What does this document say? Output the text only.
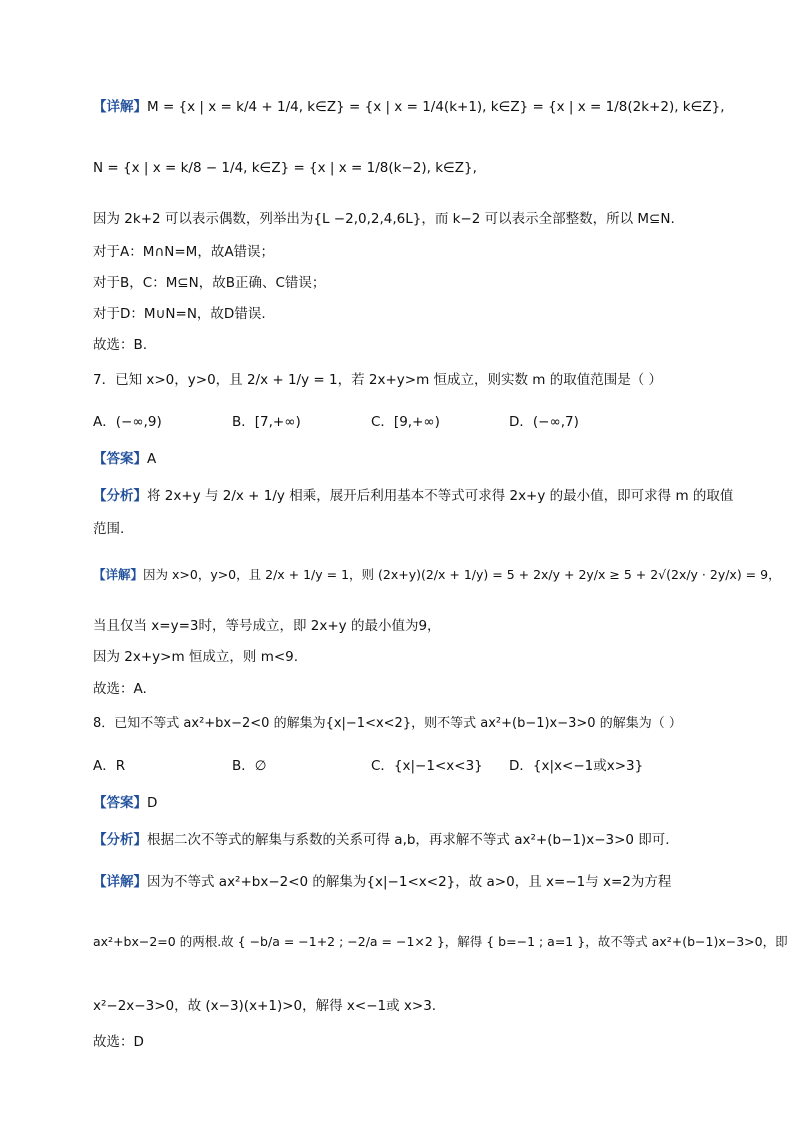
【详解】M = {x | x = k/4 + 1/4, k∈Z} = {x | x = 1/4(k+1), k∈Z} = {x | x = 1/8(2k+2), k∈Z},
N = {x | x = k/8 − 1/4, k∈Z} = {x | x = 1/8(k−2), k∈Z},
因为 2k+2 可以表示偶数，列举出为{L −2,0,2,4,6L}，而 k−2 可以表示全部整数，所以 M⊆N.
对于A：M∩N=M，故A错误；
对于B，C：M⊆N，故B正确、C错误；
对于D：M∪N=N，故D错误.
故选：B.
7．已知 x>0，y>0，且 2/x + 1/y = 1，若 2x+y>m 恒成立，则实数 m 的取值范围是（ ）
A．(−∞,9)	B．[7,+∞)	C．[9,+∞)	D．(−∞,7)
【答案】A
【分析】将 2x+y 与 2/x + 1/y 相乘，展开后利用基本不等式可求得 2x+y 的最小值，即可求得 m 的取值
范围.
【详解】因为 x>0，y>0，且 2/x + 1/y = 1，则 (2x+y)(2/x + 1/y) = 5 + 2x/y + 2y/x ≥ 5 + 2√(2x/y · 2y/x) = 9，
当且仅当 x=y=3时，等号成立，即 2x+y 的最小值为9，
因为 2x+y>m 恒成立，则 m<9.
故选：A.
8．已知不等式 ax²+bx−2<0 的解集为{x|−1<x<2}，则不等式 ax²+(b−1)x−3>0 的解集为（ ）
A．R	B．∅	C．{x|−1<x<3} D．{x|x<−1或x>3}
【答案】D
【分析】根据二次不等式的解集与系数的关系可得 a,b，再求解不等式 ax²+(b−1)x−3>0 即可.
【详解】因为不等式 ax²+bx−2<0 的解集为{x|−1<x<2}，故 a>0，且 x=−1与 x=2为方程
ax²+bx−2=0 的两根.故 { −b/a = −1+2 ; −2/a = −1×2 }，解得 { b=−1 ; a=1 }，故不等式 ax²+(b−1)x−3>0，即
x²−2x−3>0，故 (x−3)(x+1)>0，解得 x<−1或 x>3.
故选：D
